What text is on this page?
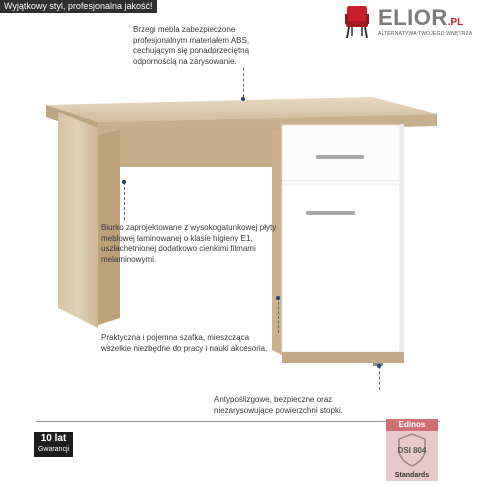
Wyjątkowy styl, profesjonalna jakość!	ELIOR.PL
ALTERNATYWA TWOJEGO WNĘTRZA
Brzegi mebla zabezpieczone profesjonalnym materiałem ABS, cechującym się ponadprzeciętną odpornością na zarysowanie.
Biurko zaprojektowane z wysokogatunkowej płyty meblowej laminowanej o klasie higieny E1, uszlachetnionej dodatkowo cienkimi filmami melaminowymi.
Praktyczna i pojemna szafka, mieszcząca wszelkie niezbędne do pracy i nauki akcesoria.
Antypoślizgowe, bezpieczne oraz niezarysowujące powierzchni stopki.
10 lat
Gwarancji
Edinos
DSI 804
Standards
